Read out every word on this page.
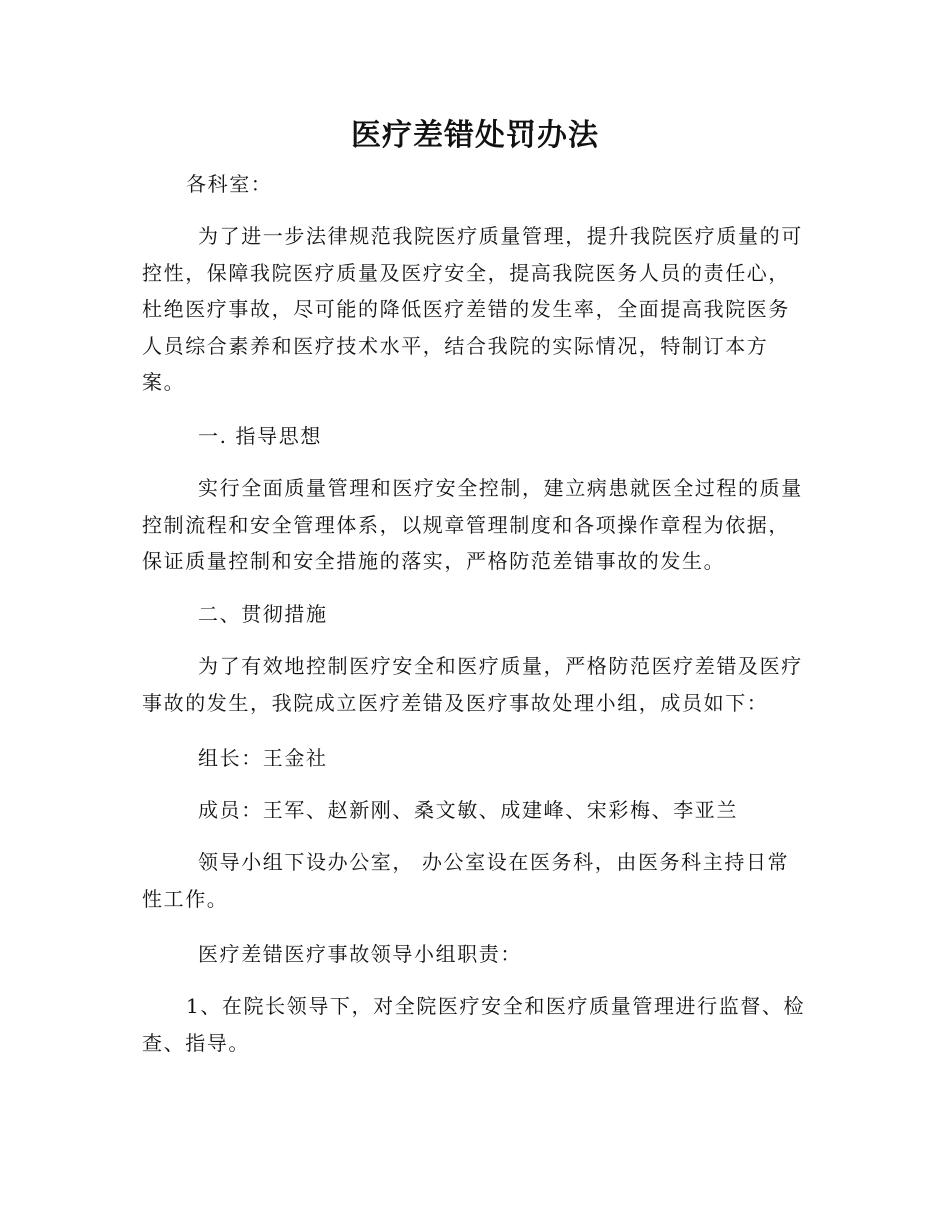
医疗差错处罚办法

各科室：

为了进一步法律规范我院医疗质量管理，提升我院医疗质量的可
控性，保障我院医疗质量及医疗安全，提高我院医务人员的责任心，
杜绝医疗事故，尽可能的降低医疗差错的发生率，全面提高我院医务
人员综合素养和医疗技术水平，结合我院的实际情况，特制订本方
案。

一. 指导思想

实行全面质量管理和医疗安全控制，建立病患就医全过程的质量
控制流程和安全管理体系，以规章管理制度和各项操作章程为依据，
保证质量控制和安全措施的落实，严格防范差错事故的发生。

二、贯彻措施

为了有效地控制医疗安全和医疗质量，严格防范医疗差错及医疗
事故的发生，我院成立医疗差错及医疗事故处理小组，成员如下：

组长：王金社

成员：王军、赵新刚、桑文敏、成建峰、宋彩梅、李亚兰

领导小组下设办公室， 办公室设在医务科，由医务科主持日常
性工作。

医疗差错医疗事故领导小组职责：

1、在院长领导下，对全院医疗安全和医疗质量管理进行监督、检
查、指导。
